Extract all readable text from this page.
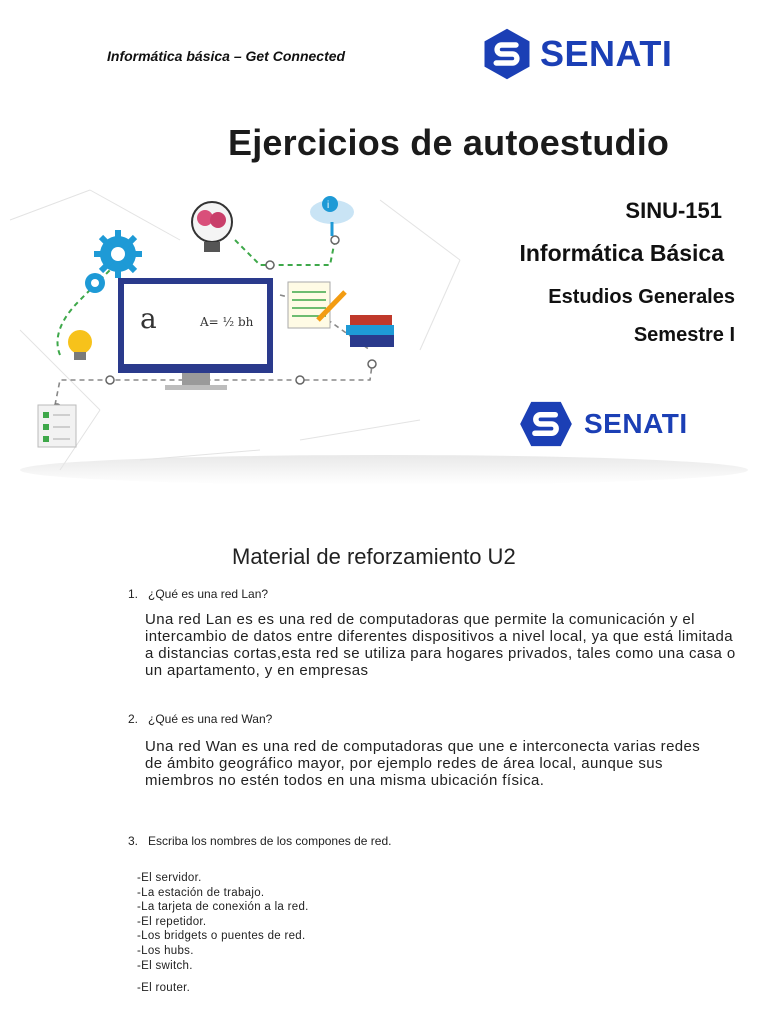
Informática básica – Get Connected	SENATI
Ejercicios de autoestudio
SINU-151
Informática Básica
Estudios Generales
Semestre I
i
a	A= ½ bh
SENATI
Material de reforzamiento U2
1. ¿Qué es una red Lan?

Una red Lan es es una red de computadoras que permite la comunicación y el intercambio de datos entre diferentes dispositivos a nivel local, ya que está limitada a distancias cortas,esta red se utiliza para hogares privados, tales como una casa o un apartamento, y en empresas

2. ¿Qué es una red Wan?

Una red Wan es una red de computadoras que une e interconecta varias redes de ámbito geográfico mayor, por ejemplo redes de área local, aunque sus miembros no estén todos en una misma ubicación física.

3. Escriba los nombres de los compones de red.
-El servidor.
-La estación de trabajo.
-La tarjeta de conexión a la red.
-El repetidor.
-Los bridgets o puentes de red.
-Los hubs.
-El switch.
-El router.
